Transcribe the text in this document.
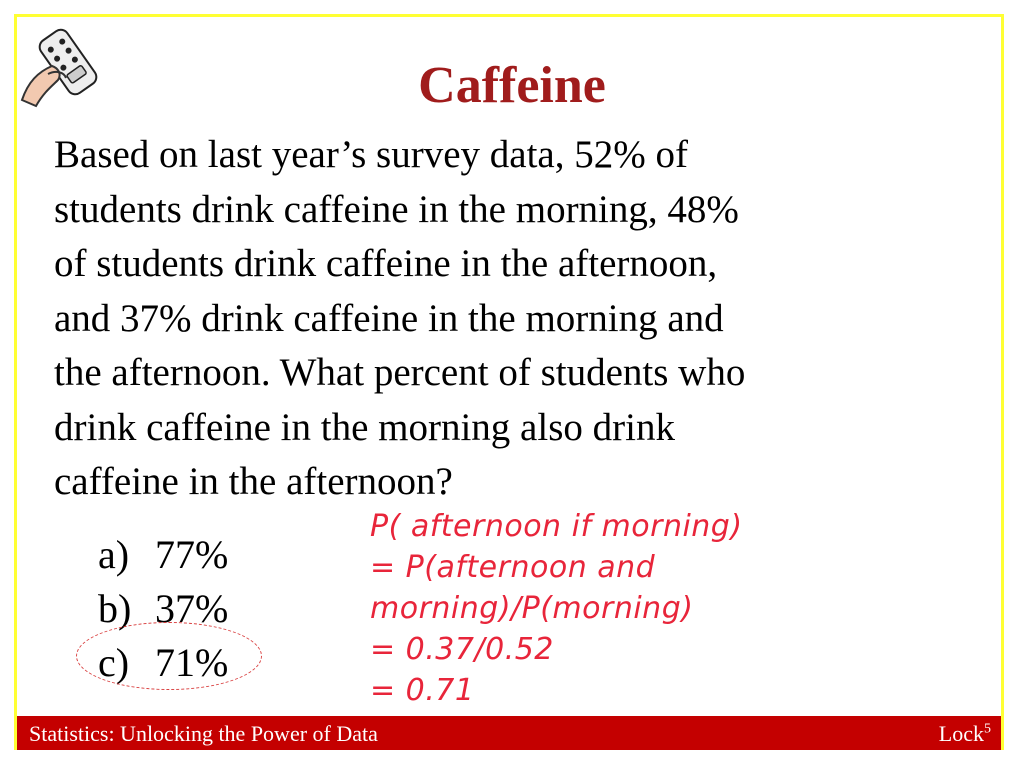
Caffeine
Based on last year’s survey data, 52% of
students drink caffeine in the morning, 48%
of students drink caffeine in the afternoon,
and 37% drink caffeine in the morning and
the afternoon. What percent of students who
drink caffeine in the morning also drink
caffeine in the afternoon?
a) 77%
b) 37%
c) 71%
P( afternoon if morning)
= P(afternoon and
morning)/P(morning)
= 0.37/0.52
= 0.71
Statistics: Unlocking the Power of Data	Lock$^5$
